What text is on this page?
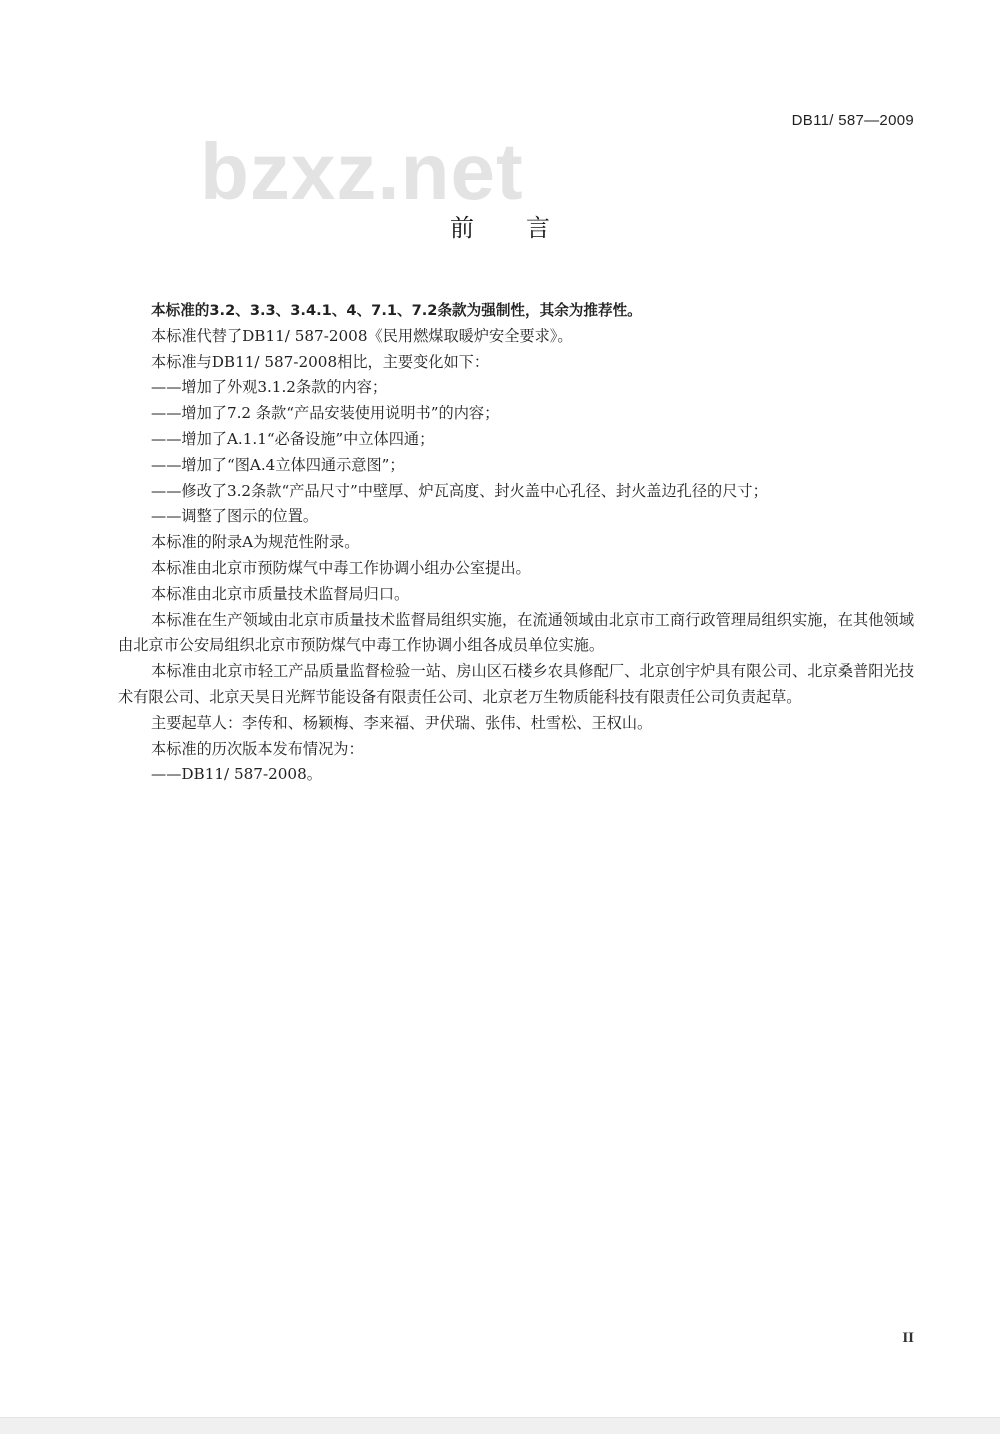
DB11/ 587—2009
bzxz.net
前言

本标准的3.2、3.3、3.4.1、4、7.1、7.2条款为强制性，其余为推荐性。

本标准代替了DB11/ 587-2008《民用燃煤取暖炉安全要求》。

本标准与DB11/ 587-2008相比，主要变化如下：

——增加了外观3.1.2条款的内容；

——增加了7.2 条款“产品安装使用说明书”的内容；

——增加了A.1.1“必备设施”中立体四通；

——增加了“图A.4立体四通示意图”；

——修改了3.2条款“产品尺寸”中壁厚、炉瓦高度、封火盖中心孔径、封火盖边孔径的尺寸；

——调整了图示的位置。

本标准的附录A为规范性附录。

本标准由北京市预防煤气中毒工作协调小组办公室提出。

本标准由北京市质量技术监督局归口。

本标准在生产领域由北京市质量技术监督局组织实施，在流通领域由北京市工商行政管理局组织实施，在其他领域由北京市公安局组织北京市预防煤气中毒工作协调小组各成员单位实施。

本标准由北京市轻工产品质量监督检验一站、房山区石楼乡农具修配厂、北京创宇炉具有限公司、北京桑普阳光技术有限公司、北京天昊日光辉节能设备有限责任公司、北京老万生物质能科技有限责任公司负责起草。

主要起草人：李传和、杨颖梅、李来福、尹伏瑞、张伟、杜雪松、王权山。

本标准的历次版本发布情况为：

——DB11/ 587-2008。

II
